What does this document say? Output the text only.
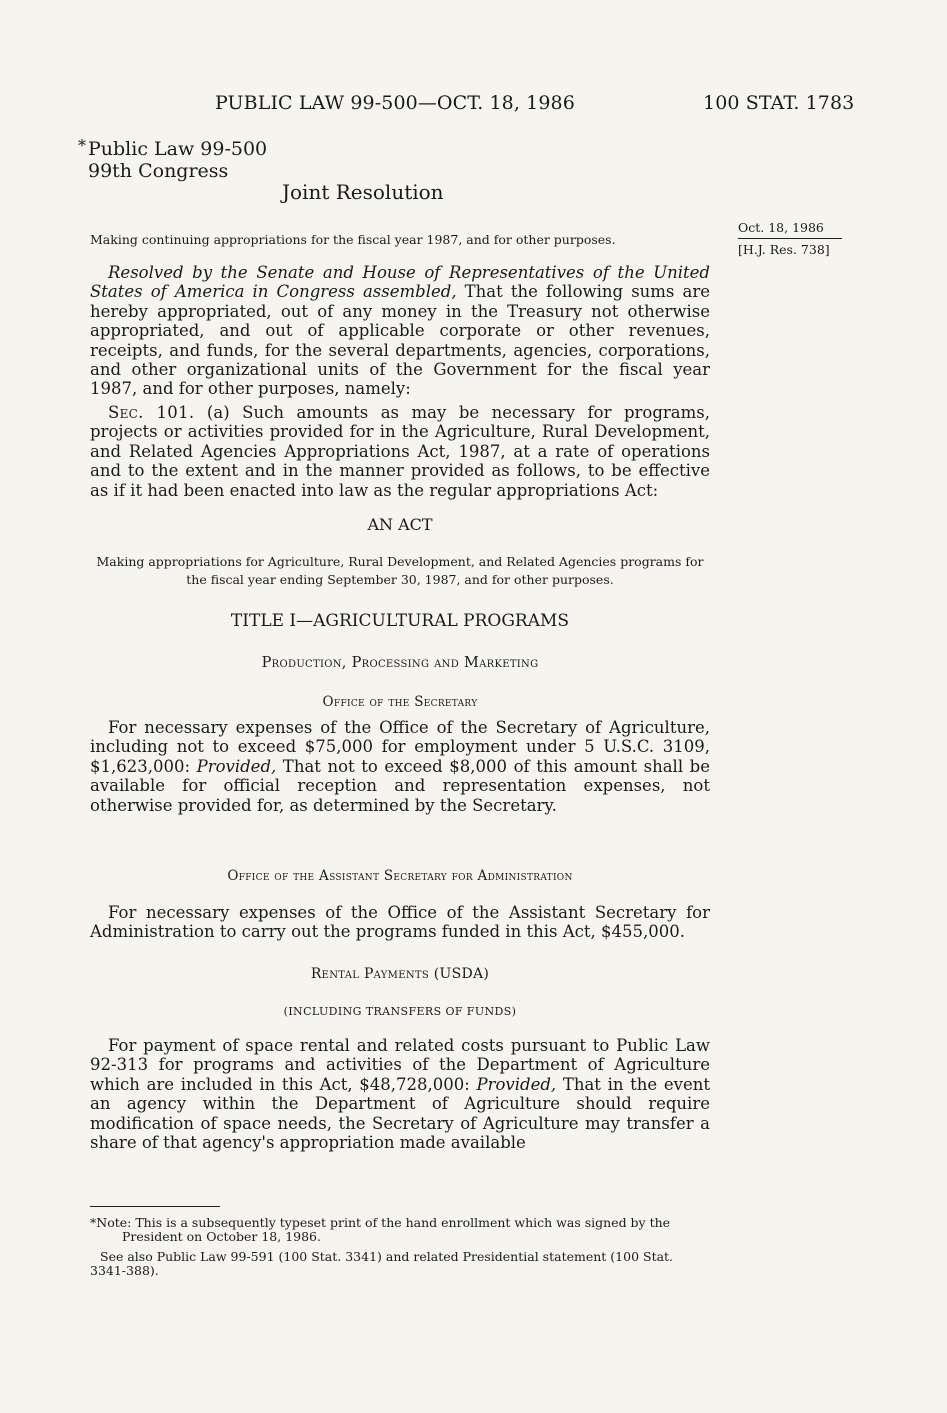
PUBLIC LAW 99-500—OCT. 18, 1986	100 STAT. 1783
* Public Law 99-500
99th Congress
Joint Resolution
Making continuing appropriations for the fiscal year 1987, and for other purposes.
Oct. 18, 1986
[H.J. Res. 738]
Resolved by the Senate and House of Representatives of the United States of America in Congress assembled, That the following sums are hereby appropriated, out of any money in the Treasury not otherwise appropriated, and out of applicable corporate or other revenues, receipts, and funds, for the several departments, agencies, corporations, and other organizational units of the Government for the fiscal year 1987, and for other purposes, namely:
Sec. 101. (a) Such amounts as may be necessary for programs, projects or activities provided for in the Agriculture, Rural Development, and Related Agencies Appropriations Act, 1987, at a rate of operations and to the extent and in the manner provided as follows, to be effective as if it had been enacted into law as the regular appropriations Act:
AN ACT
Making appropriations for Agriculture, Rural Development, and Related Agencies programs for the fiscal year ending September 30, 1987, and for other purposes.
TITLE I—AGRICULTURAL PROGRAMS
Production, Processing and Marketing
Office of the Secretary
For necessary expenses of the Office of the Secretary of Agriculture, including not to exceed $75,000 for employment under 5 U.S.C. 3109, $1,623,000: Provided, That not to exceed $8,000 of this amount shall be available for official reception and representation expenses, not otherwise provided for, as determined by the Secretary.
Office of the Assistant Secretary for Administration
For necessary expenses of the Office of the Assistant Secretary for Administration to carry out the programs funded in this Act, $455,000.
Rental Payments (USDA)
(INCLUDING TRANSFERS OF FUNDS)
For payment of space rental and related costs pursuant to Public Law 92-313 for programs and activities of the Department of Agriculture which are included in this Act, $48,728,000: Provided, That in the event an agency within the Department of Agriculture should require modification of space needs, the Secretary of Agriculture may transfer a share of that agency's appropriation made available
*Note: This is a subsequently typeset print of the hand enrollment which was signed by the President on October 18, 1986.
See also Public Law 99-591 (100 Stat. 3341) and related Presidential statement (100 Stat. 3341-388).
